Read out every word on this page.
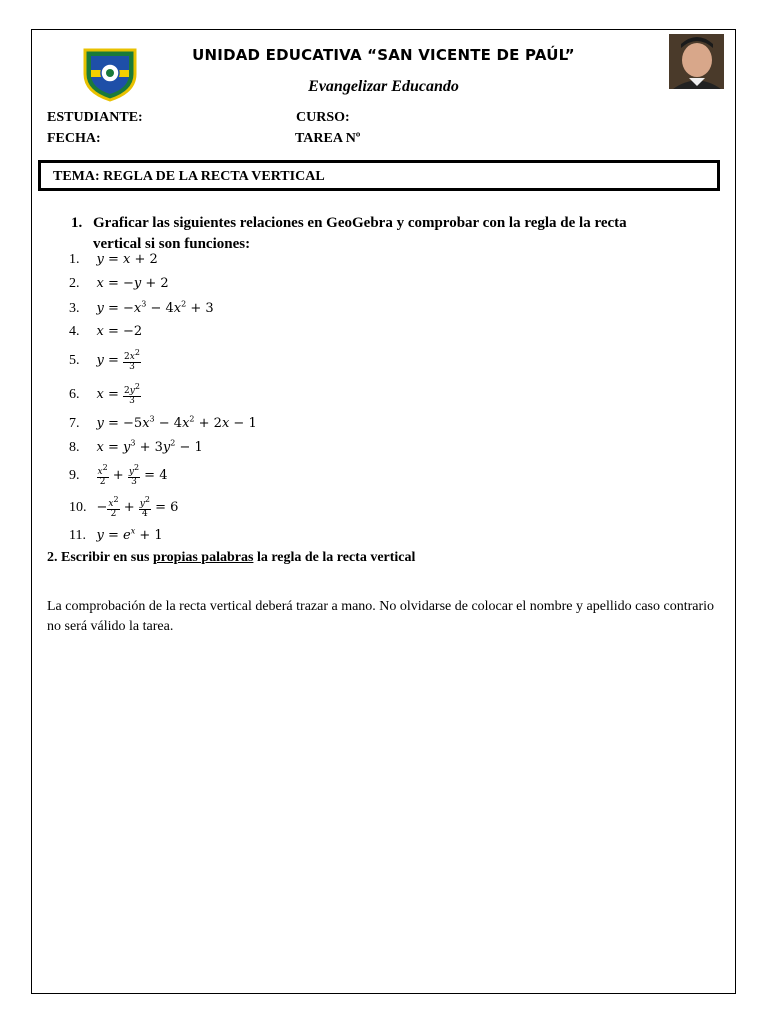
UNIDAD EDUCATIVA “SAN VICENTE DE PAÚL”
Evangelizar Educando
ESTUDIANTE:	CURSO:
FECHA:	TAREA Nº
TEMA: REGLA DE LA RECTA VERTICAL
1. Graficar las siguientes relaciones en GeoGebra y comprobar con la regla de la recta
vertical si son funciones:
1. y = x + 2
2. x = −y + 2
3. $y = -x^3 - 4x^2 + 3$
4. x = −2
5. $y = \frac{2x^2}{3}$
6. $x = \frac{2y^2}{3}$
7. $y = -5x^3 - 4x^2 + 2x - 1$
8. $x = y^3 + 3y^2 - 1$
9. $\frac{x^2}{2} + \frac{y^2}{3} = 4$
10. − $\frac{x^2}{2} + \frac{y^2}{4} = 6$
11. $y = e^x + 1$
2. Escribir en sus propias palabras la regla de la recta vertical
La comprobación de la recta vertical deberá trazar a mano. No olvidarse de colocar el nombre y apellido caso contrario no será válido la tarea.
